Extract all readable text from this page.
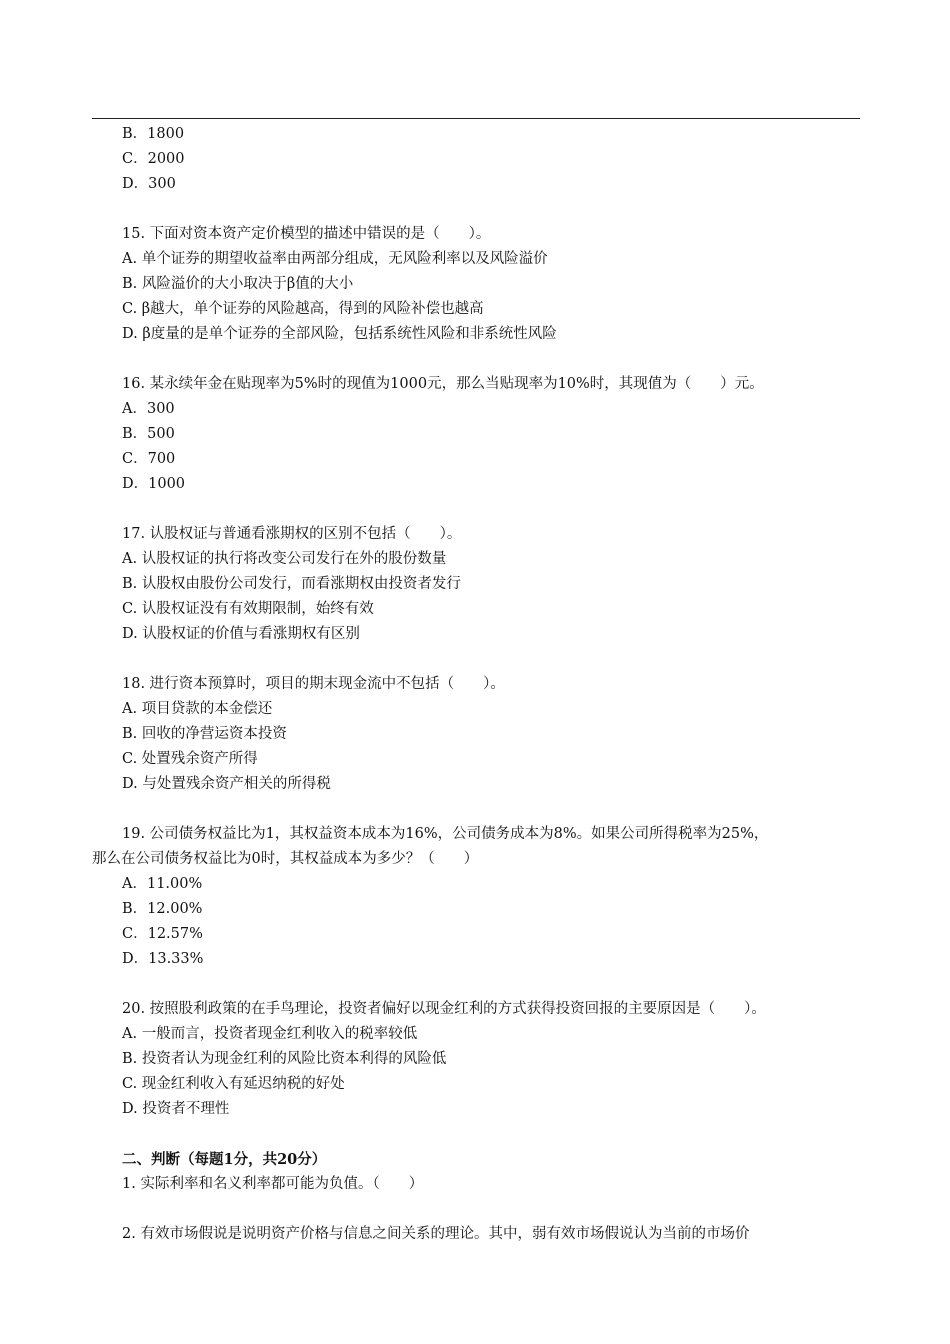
B．1800
C．2000
D．300
15. 下面对资本资产定价模型的描述中错误的是（　　）。
A. 单个证券的期望收益率由两部分组成，无风险利率以及风险溢价
B. 风险溢价的大小取决于β值的大小
C. β越大，单个证券的风险越高，得到的风险补偿也越高
D. β度量的是单个证券的全部风险，包括系统性风险和非系统性风险
16. 某永续年金在贴现率为5%时的现值为1000元，那么当贴现率为10%时，其现值为（　　）元。
A．300
B．500
C．700
D．1000
17. 认股权证与普通看涨期权的区别不包括（　　）。
A. 认股权证的执行将改变公司发行在外的股份数量
B. 认股权由股份公司发行，而看涨期权由投资者发行
C. 认股权证没有有效期限制，始终有效
D. 认股权证的价值与看涨期权有区别
18. 进行资本预算时，项目的期末现金流中不包括（　　）。
A. 项目贷款的本金偿还
B. 回收的净营运资本投资
C. 处置残余资产所得
D. 与处置残余资产相关的所得税
19. 公司债务权益比为1，其权益资本成本为16%，公司债务成本为8%。如果公司所得税率为25%，
那么在公司债务权益比为0时，其权益成本为多少？（　　）
A．11.00%
B．12.00%
C．12.57%
D．13.33%
20. 按照股利政策的在手鸟理论，投资者偏好以现金红利的方式获得投资回报的主要原因是（　　）。
A. 一般而言，投资者现金红利收入的税率较低
B. 投资者认为现金红利的风险比资本利得的风险低
C. 现金红利收入有延迟纳税的好处
D. 投资者不理性
二、判断（每题1分，共20分）
1. 实际利率和名义利率都可能为负值。（　　）
2. 有效市场假说是说明资产价格与信息之间关系的理论。其中，弱有效市场假说认为当前的市场价
